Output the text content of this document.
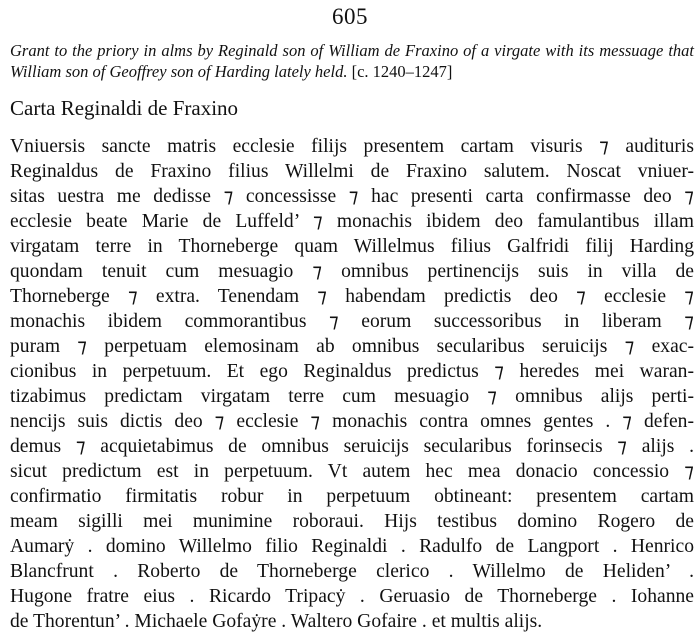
605
Grant to the priory in alms by Reginald son of William de Fraxino of a virgate with its messuage that William son of Geoffrey son of Harding lately held. [c. 1240–1247]
Carta Reginaldi de Fraxino
Vniuersis sancte matris ecclesie filijs presentem cartam visuris ⁊ audituris
Reginaldus de Fraxino filius Willelmi de Fraxino salutem. Noscat vniuer-
sitas uestra me dedisse ⁊ concessisse ⁊ hac presenti carta confirmasse deo ⁊
ecclesie beate Marie de Luffeld’ ⁊ monachis ibidem deo famulantibus illam
virgatam terre in Thorneberge quam Willelmus filius Galfridi filij Harding
quondam tenuit cum mesuagio ⁊ omnibus pertinencijs suis in villa de
Thorneberge ⁊ extra. Tenendam ⁊ habendam predictis deo ⁊ ecclesie ⁊
monachis ibidem commorantibus ⁊ eorum successoribus in liberam ⁊
puram ⁊ perpetuam elemosinam ab omnibus secularibus seruicijs ⁊ exac-
cionibus in perpetuum. Et ego Reginaldus predictus ⁊ heredes mei waran-
tizabimus predictam virgatam terre cum mesuagio ⁊ omnibus alijs perti-
nencijs suis dictis deo ⁊ ecclesie ⁊ monachis contra omnes gentes . ⁊ defen-
demus ⁊ acquietabimus de omnibus seruicijs secularibus forinsecis ⁊ alijs .
sicut predictum est in perpetuum. Vt autem hec mea donacio concessio ⁊
confirmatio firmitatis robur in perpetuum obtineant: presentem cartam
meam sigilli mei munimine roboraui. Hijs testibus domino Rogero de
Aumarẏ . domino Willelmo filio Reginaldi . Radulfo de Langport . Henrico
Blancfrunt . Roberto de Thorneberge clerico . Willelmo de Heliden’ .
Hugone fratre eius . Ricardo Tripacẏ . Geruasio de Thorneberge . Iohanne
de Thorentun’ . Michaele Gofaẏre . Waltero Gofaire . et multis alijs.
